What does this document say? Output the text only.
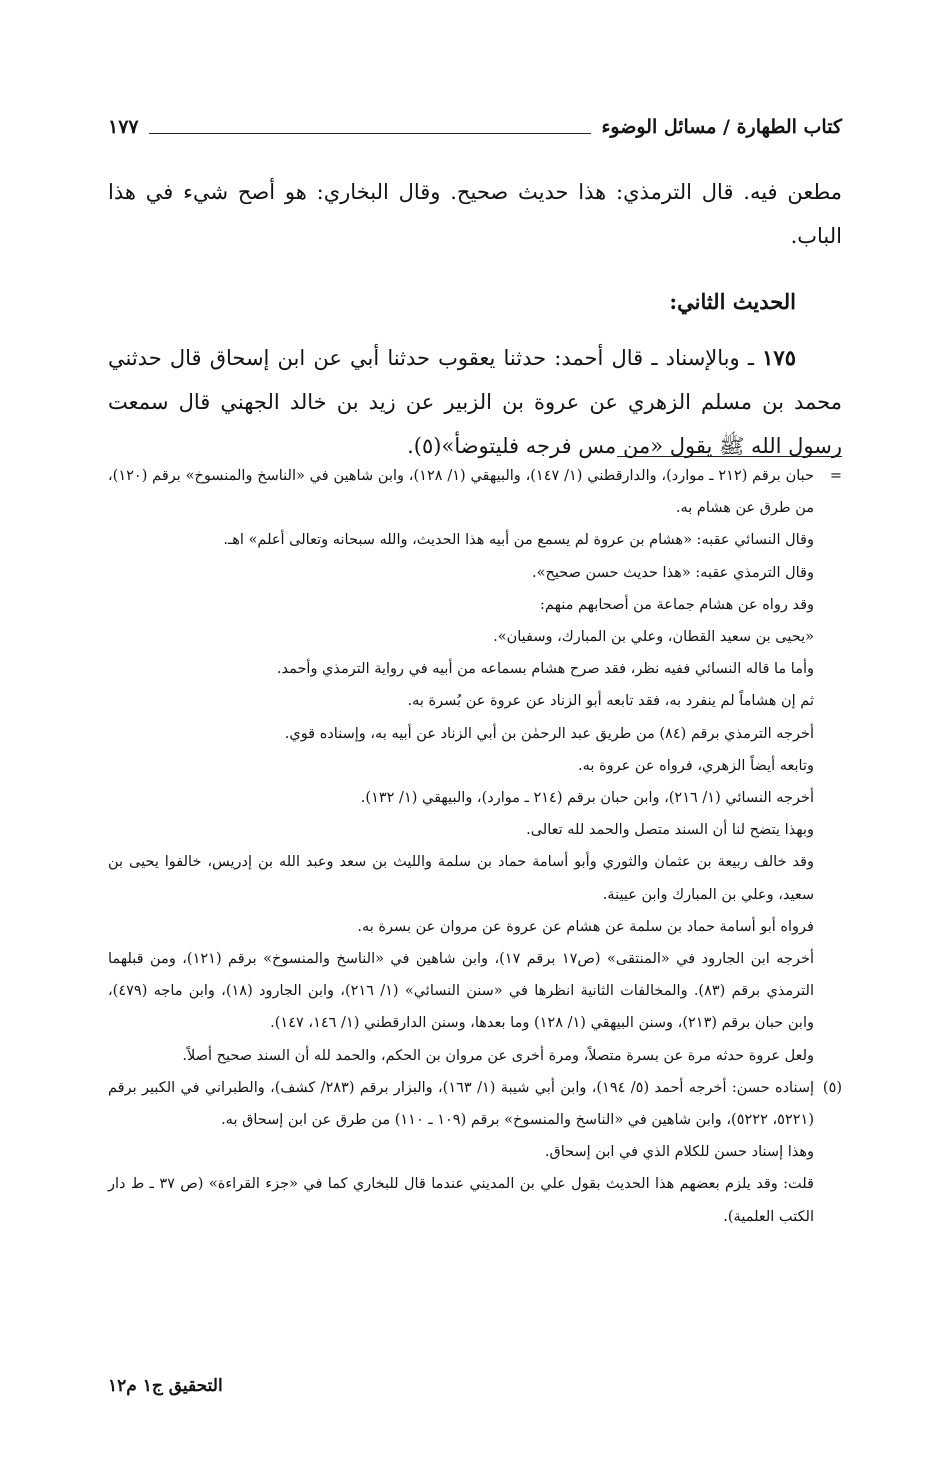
كتاب الطهارة / مسائل الوضوء
١٧٧

مطعن فيه. قال الترمذي: هذا حديث صحيح. وقال البخاري: هو أصح شيء في هذا الباب.

الحديث الثاني:

١٧٥ ـ وبالإسناد ـ قال أحمد: حدثنا يعقوب حدثنا أبي عن ابن إسحاق قال حدثني محمد بن مسلم الزهري عن عروة بن الزبير عن زيد بن خالد الجهني قال سمعت رسول الله ﷺ يقول «من مس فرجه فليتوضأ»(٥).

=حبان برقم (٢١٢ ـ موارد)، والدارقطني (١/ ١٤٧)، والبيهقي (١/ ١٢٨)، وابن شاهين في «الناسخ والمنسوخ» برقم (١٢٠)، من طرق عن هشام به.

وقال النسائي عقبه: «هشام بن عروة لم يسمع من أبيه هذا الحديث، والله سبحانه وتعالى أعلم» اهـ.

وقال الترمذي عقبه: «هذا حديث حسن صحيح».

وقد رواه عن هشام جماعة من أصحابهم منهم:

«يحيى بن سعيد القطان، وعلي بن المبارك، وسفيان».

وأما ما قاله النسائي ففيه نظر، فقد صرح هشام بسماعه من أبيه في رواية الترمذي وأحمد.

ثم إن هشاماً لم ينفرد به، فقد تابعه أبو الزناد عن عروة عن بُسرة به.

أخرجه الترمذي برقم (٨٤) من طريق عبد الرحمٰن بن أبي الزناد عن أبيه به، وإسناده قوي.

وتابعه أيضاً الزهري، فرواه عن عروة به.

أخرجه النسائي (١/ ٢١٦)، وابن حبان برقم (٢١٤ ـ موارد)، والبيهقي (١/ ١٣٢).

وبهذا يتضح لنا أن السند متصل والحمد لله تعالى.

وقد خالف ربيعة بن عثمان والثوري وأبو أسامة حماد بن سلمة والليث بن سعد وعبد الله بن إدريس، خالفوا يحيى بن سعيد، وعلي بن المبارك وابن عيينة.

فرواه أبو أسامة حماد بن سلمة عن هشام عن عروة عن مروان عن بسرة به.

أخرجه ابن الجارود في «المنتقى» (ص١٧ برقم ١٧)، وابن شاهين في «الناسخ والمنسوخ» برقم (١٢١)، ومن قبلهما الترمذي برقم (٨٣). والمخالفات الثانية انظرها في «سنن النسائي» (١/ ٢١٦)، وابن الجارود (١٨)، وابن ماجه (٤٧٩)، وابن حبان برقم (٢١٣)، وسنن البيهقي (١/ ١٢٨) وما بعدها، وسنن الدارقطني (١/ ١٤٦، ١٤٧).

ولعل عروة حدثه مرة عن بسرة متصلاً، ومرة أخرى عن مروان بن الحكم، والحمد لله أن السند صحيح أصلاً.

(٥)إسناده حسن: أخرجه أحمد (٥/ ١٩٤)، وابن أبي شيبة (١/ ١٦٣)، والبزار برقم (٢٨٣/ كشف)، والطبراني في الكبير برقم (٥٢٢١، ٥٢٢٢)، وابن شاهين في «الناسخ والمنسوخ» برقم (١٠٩ ـ ١١٠) من طرق عن ابن إسحاق به.

وهذا إسناد حسن للكلام الذي في ابن إسحاق.

قلت: وقد يلزم بعضهم هذا الحديث بقول علي بن المديني عندما قال للبخاري كما في «جزء القراءة» (ص ٣٧ ـ ط دار الكتب العلمية).

التحقيق ج١ م١٢
